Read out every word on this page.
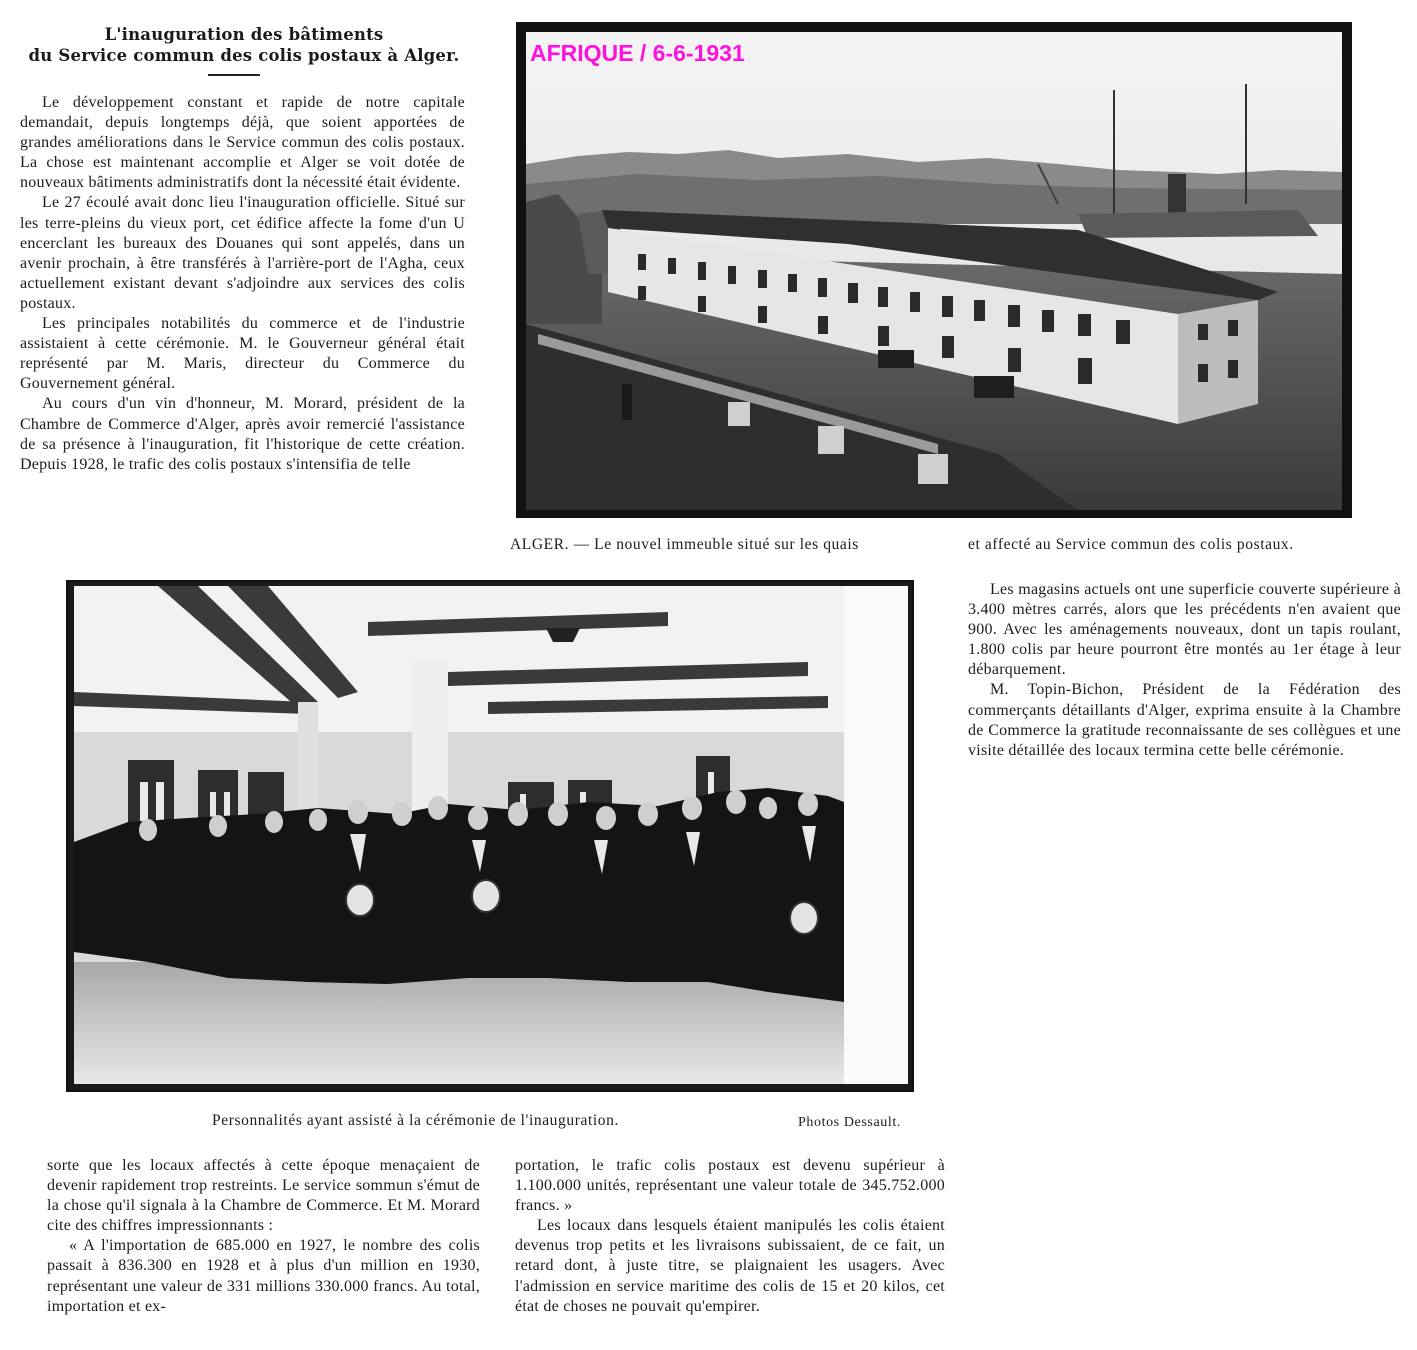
L'inauguration des bâtiments
du Service commun des colis postaux à Alger.

Le développement constant et rapide de notre capitale demandait, depuis longtemps déjà, que soient apportées de grandes améliorations dans le Service commun des colis postaux. La chose est maintenant accomplie et Alger se voit dotée de nouveaux bâtiments administratifs dont la nécessité était évidente.

Le 27 écoulé avait donc lieu l'inauguration officielle. Situé sur les terre-pleins du vieux port, cet édifice affecte la fome d'un U encerclant les bureaux des Douanes qui sont appelés, dans un avenir prochain, à être transférés à l'arrière-port de l'Agha, ceux actuellement existant devant s'adjoindre aux services des colis postaux.

Les principales notabilités du commerce et de l'industrie assistaient à cette cérémonie. M. le Gouverneur général était représenté par M. Maris, directeur du Commerce du Gouvernement général.

Au cours d'un vin d'honneur, M. Morard, président de la Chambre de Commerce d'Alger, après avoir remercié l'assistance de sa présence à l'inauguration, fit l'historique de cette création. Depuis 1928, le trafic des colis postaux s'intensifia de telle

AFRIQUE / 6-6-1931
ALGER. — Le nouvel immeuble situé sur les quais	et affecté au Service commun des colis postaux.
Personnalités ayant assisté à la cérémonie de l'inauguration.	Photos Dessault.

Les magasins actuels ont une superficie couverte supérieure à 3.400 mètres carrés, alors que les précédents n'en avaient que 900. Avec les aménagements nouveaux, dont un tapis roulant, 1.800 colis par heure pourront être montés au 1er étage à leur débarquement.

M. Topin-Bichon, Président de la Fédération des commerçants détaillants d'Alger, exprima ensuite à la Chambre de Commerce la gratitude reconnaissante de ses collègues et une visite détaillée des locaux termina cette belle cérémonie.

sorte que les locaux affectés à cette époque menaçaient de devenir rapidement trop restreints. Le service sommun s'émut de la chose qu'il signala à la Chambre de Commerce. Et M. Morard cite des chiffres impressionnants :

« A l'importation de 685.000 en 1927, le nombre des colis passait à 836.300 en 1928 et à plus d'un million en 1930, représentant une valeur de 331 millions 330.000 francs. Au total, importation et ex-

portation, le trafic colis postaux est devenu supérieur à 1.100.000 unités, représentant une valeur totale de 345.752.000 francs. »

Les locaux dans lesquels étaient manipulés les colis étaient devenus trop petits et les livraisons subissaient, de ce fait, un retard dont, à juste titre, se plaignaient les usagers. Avec l'admission en service maritime des colis de 15 et 20 kilos, cet état de choses ne pouvait qu'empirer.
